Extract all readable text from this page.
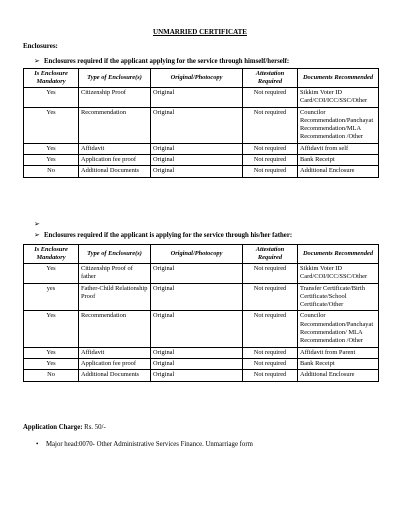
UNMARRIED CERTIFICATE
Enclosures:
➢ Enclosures required if the applicant applying for the service through himself/herself:
Is Enclosure Mandatory	Type of Enclosure(s)	Original/Photocopy	Attestation Required	Documents Recommended
Yes	Citizenship Proof	Original	Not required	Sikkim Voter ID Card/COI/ICC/SSC/Other
Yes	Recommendation	Original	Not required	Councilor Recommendation/Panchayat Recommendation/MLA Recommendation /Other
Yes	Affidavit	Original	Not required	Affidavit from self
Yes	Application fee proof	Original	Not required	Bank Receipt
No	Additional Documents	Original	Not required	Additional Enclosure
➢
➢ Enclosures required if the applicant is applying for the service through his/her father:
Is Enclosure Mandatory	Type of Enclosure(s)	Original/Photocopy	Attestation Required	Documents Recommended
Yes	Citizenship Proof of father	Original	Not required	Sikkim Voter ID Card/COI/ICC/SSC/Other
yes	Father-Child Relationship Proof	Original	Not required	Transfer Certificate/Birth Certificate/School Certificate/Other
Yes	Recommendation	Original	Not required	Councilor Recommendation/Panchayat Recommendation/ MLA Recommendation /Other
Yes	Affidavit	Original	Not required	Affidavit from Parent
Yes	Application fee proof	Original	Not required	Bank Receipt
No	Additional Documents	Original	Not required	Additional Enclosure
Application Charge: Rs. 50/-
• Major head:0070- Other Administrative Services Finance. Unmarriage form
